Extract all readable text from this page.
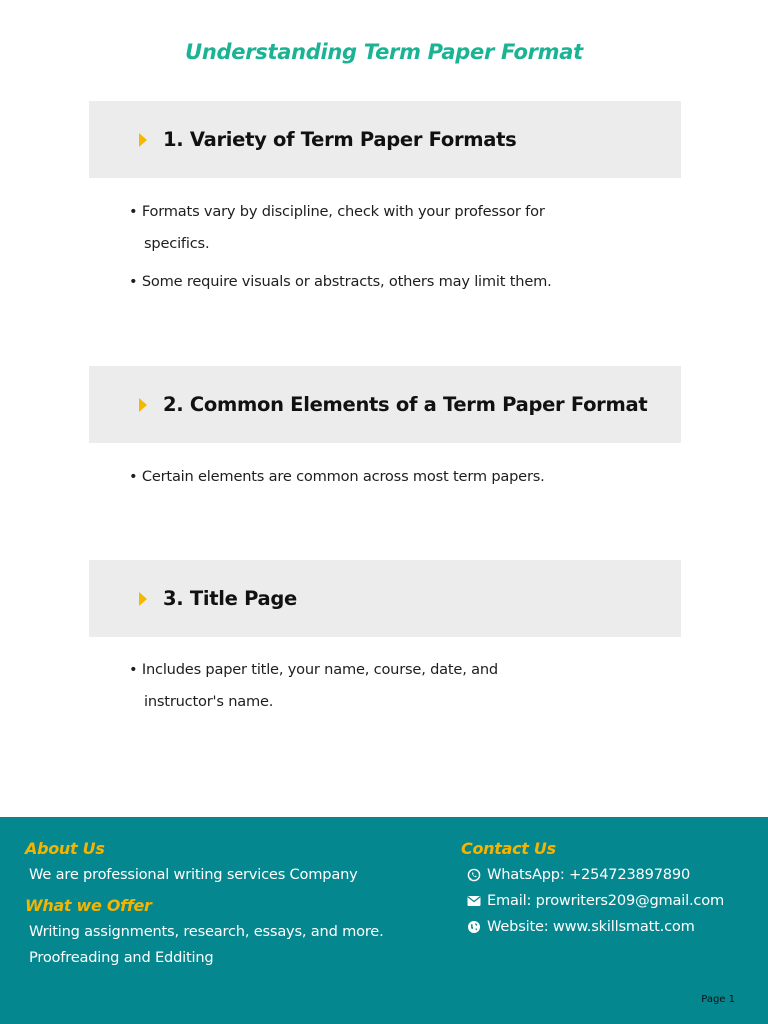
Understanding Term Paper Format
1. Variety of Term Paper Formats
• Formats vary by discipline, check with your professor for
specifics.
• Some require visuals or abstracts, others may limit them.
2. Common Elements of a Term Paper Format
• Certain elements are common across most term papers.
3. Title Page
• Includes paper title, your name, course, date, and
instructor's name.
About Us
We are professional writing services Company
What we Offer
Writing assignments, research, essays, and more.
Proofreading and Edditing
Contact Us
WhatsApp: +254723897890
Email: prowriters209@gmail.com
Website: www.skillsmatt.com
Page 1
